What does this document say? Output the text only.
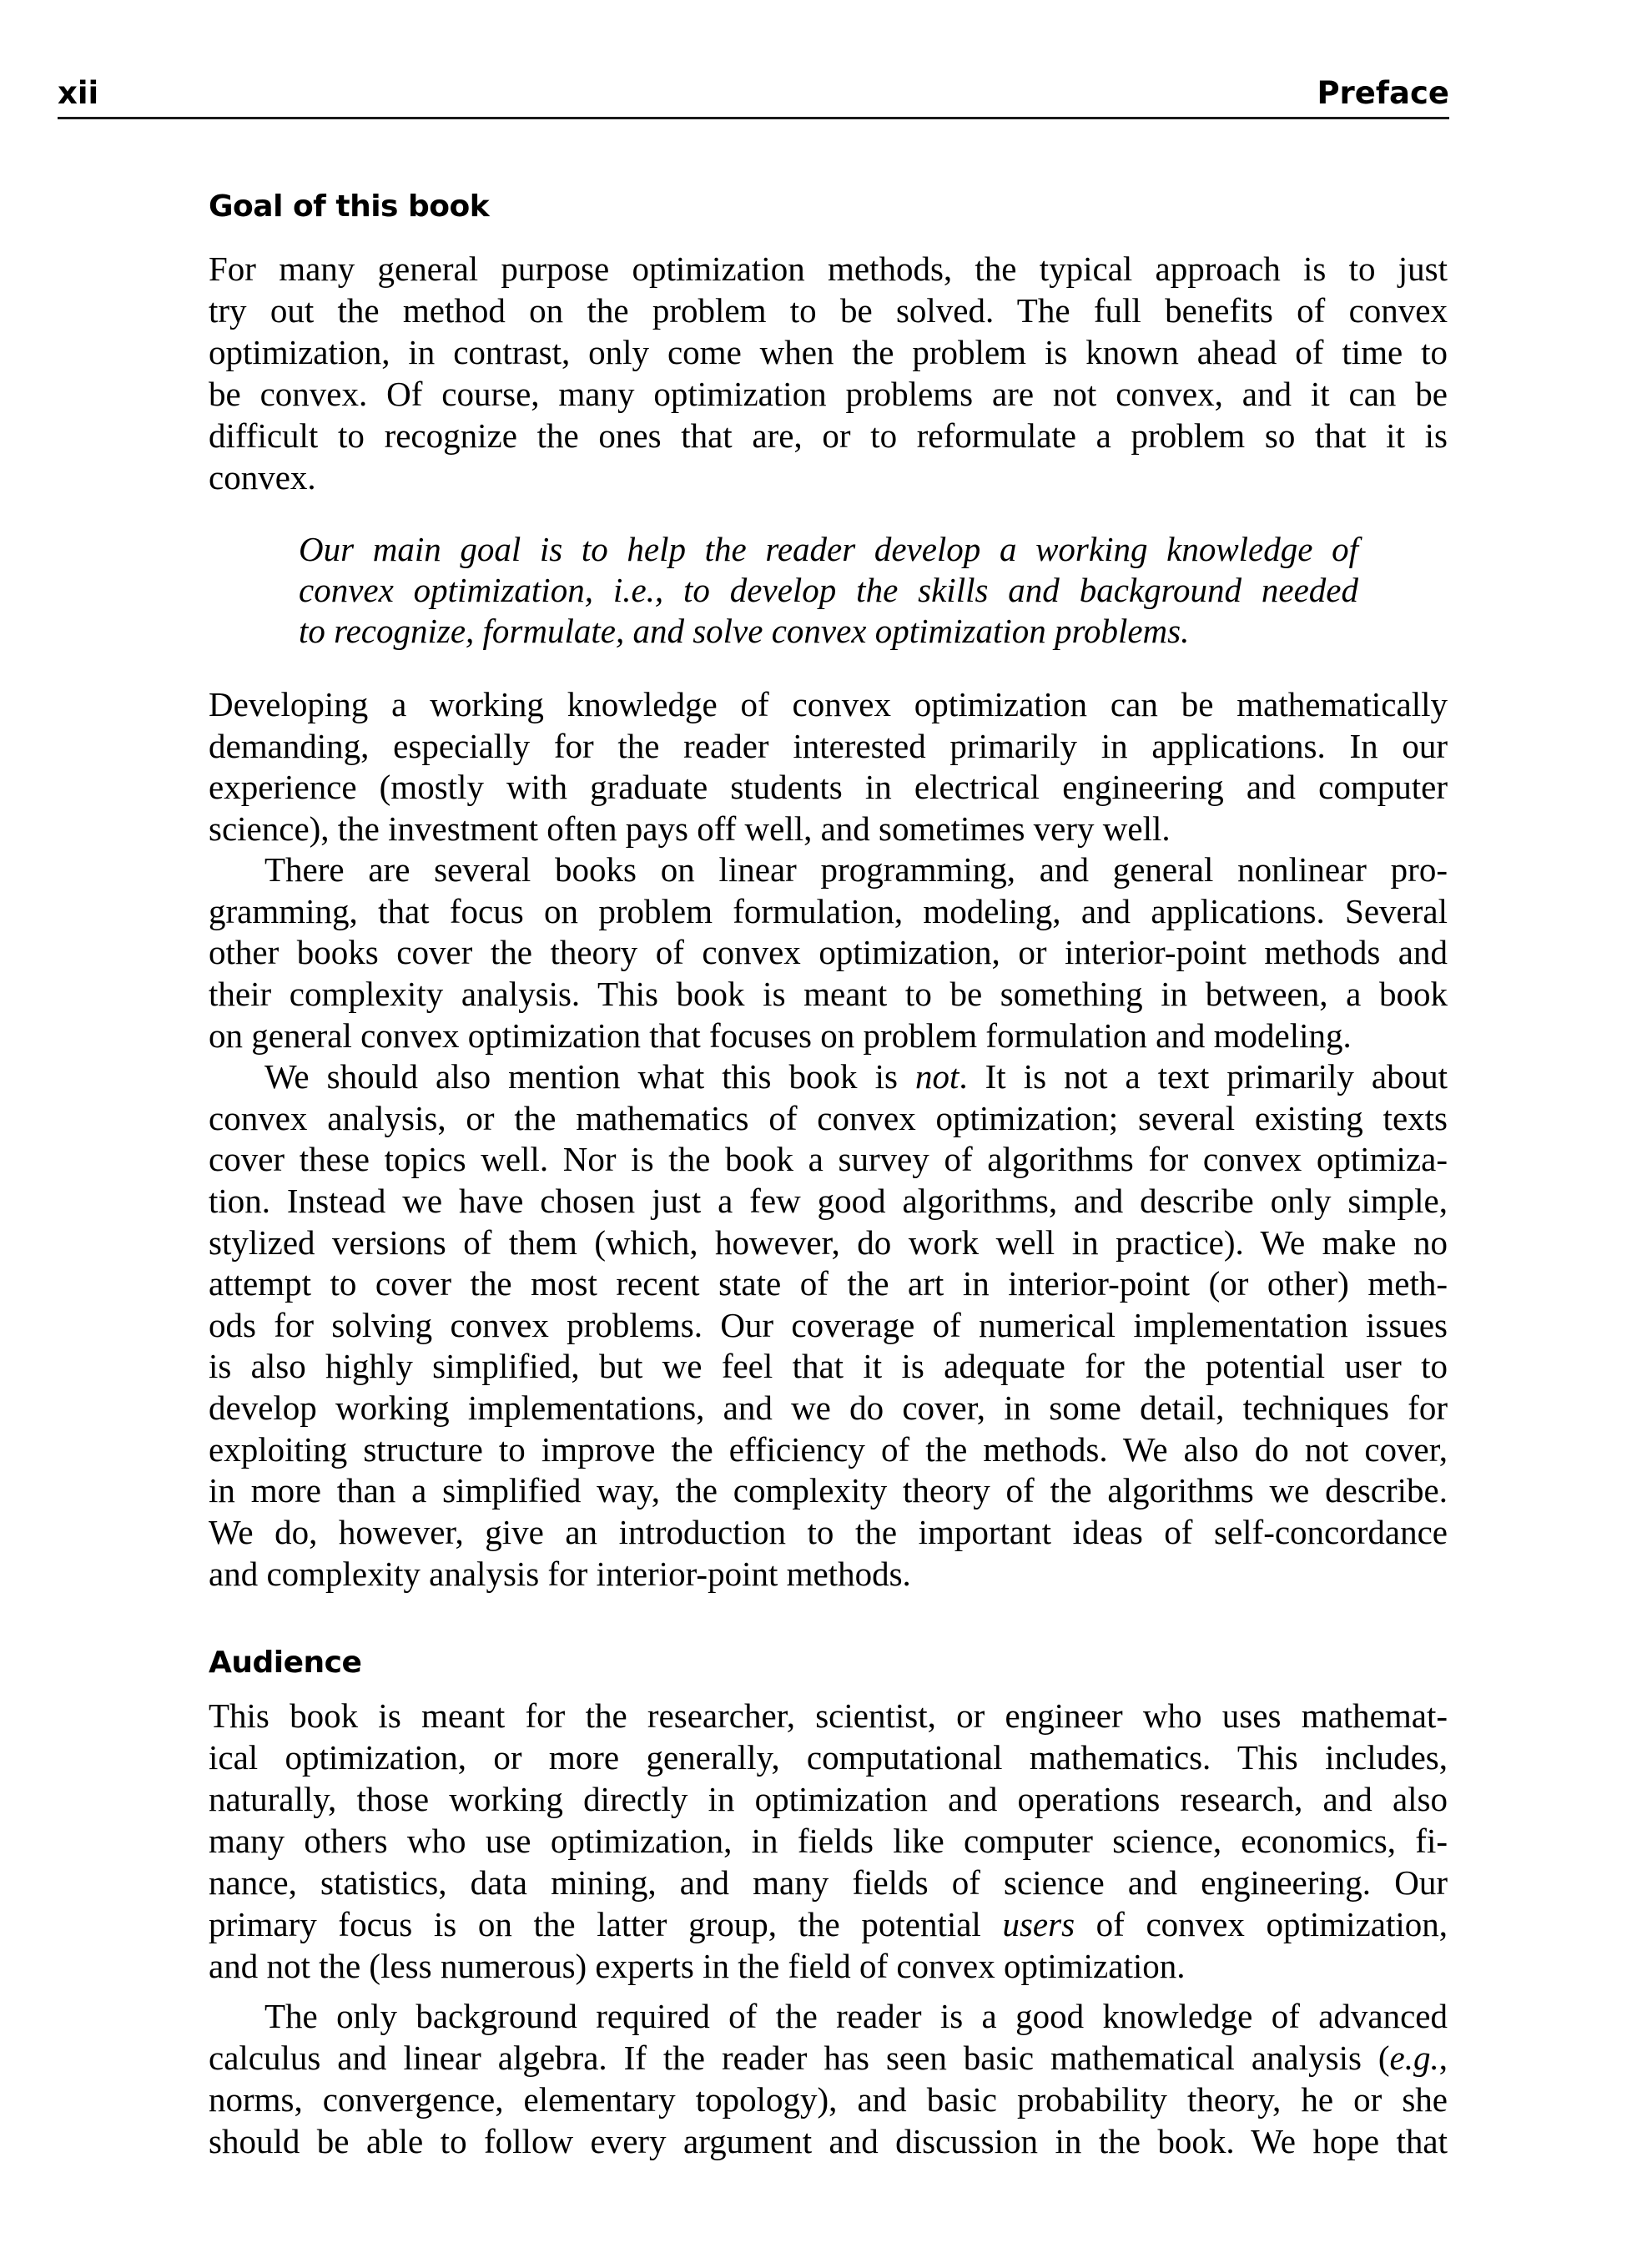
xii	Preface
Goal of this book
For many general purpose optimization methods, the typical approach is to just
try out the method on the problem to be solved. The full benefits of convex
optimization, in contrast, only come when the problem is known ahead of time to
be convex. Of course, many optimization problems are not convex, and it can be
difficult to recognize the ones that are, or to reformulate a problem so that it is
convex.
Our main goal is to help the reader develop a working knowledge of
convex optimization, i.e., to develop the skills and background needed
to recognize, formulate, and solve convex optimization problems.
Developing a working knowledge of convex optimization can be mathematically
demanding, especially for the reader interested primarily in applications. In our
experience (mostly with graduate students in electrical engineering and computer
science), the investment often pays off well, and sometimes very well.
There are several books on linear programming, and general nonlinear pro-
gramming, that focus on problem formulation, modeling, and applications. Several
other books cover the theory of convex optimization, or interior-point methods and
their complexity analysis. This book is meant to be something in between, a book
on general convex optimization that focuses on problem formulation and modeling.
We should also mention what this book is not. It is not a text primarily about
convex analysis, or the mathematics of convex optimization; several existing texts
cover these topics well. Nor is the book a survey of algorithms for convex optimiza-
tion. Instead we have chosen just a few good algorithms, and describe only simple,
stylized versions of them (which, however, do work well in practice). We make no
attempt to cover the most recent state of the art in interior-point (or other) meth-
ods for solving convex problems. Our coverage of numerical implementation issues
is also highly simplified, but we feel that it is adequate for the potential user to
develop working implementations, and we do cover, in some detail, techniques for
exploiting structure to improve the efficiency of the methods. We also do not cover,
in more than a simplified way, the complexity theory of the algorithms we describe.
We do, however, give an introduction to the important ideas of self-concordance
and complexity analysis for interior-point methods.
Audience
This book is meant for the researcher, scientist, or engineer who uses mathemat-
ical optimization, or more generally, computational mathematics. This includes,
naturally, those working directly in optimization and operations research, and also
many others who use optimization, in fields like computer science, economics, fi-
nance, statistics, data mining, and many fields of science and engineering. Our
primary focus is on the latter group, the potential users of convex optimization,
and not the (less numerous) experts in the field of convex optimization.
The only background required of the reader is a good knowledge of advanced
calculus and linear algebra. If the reader has seen basic mathematical analysis (e.g.,
norms, convergence, elementary topology), and basic probability theory, he or she
should be able to follow every argument and discussion in the book. We hope that
